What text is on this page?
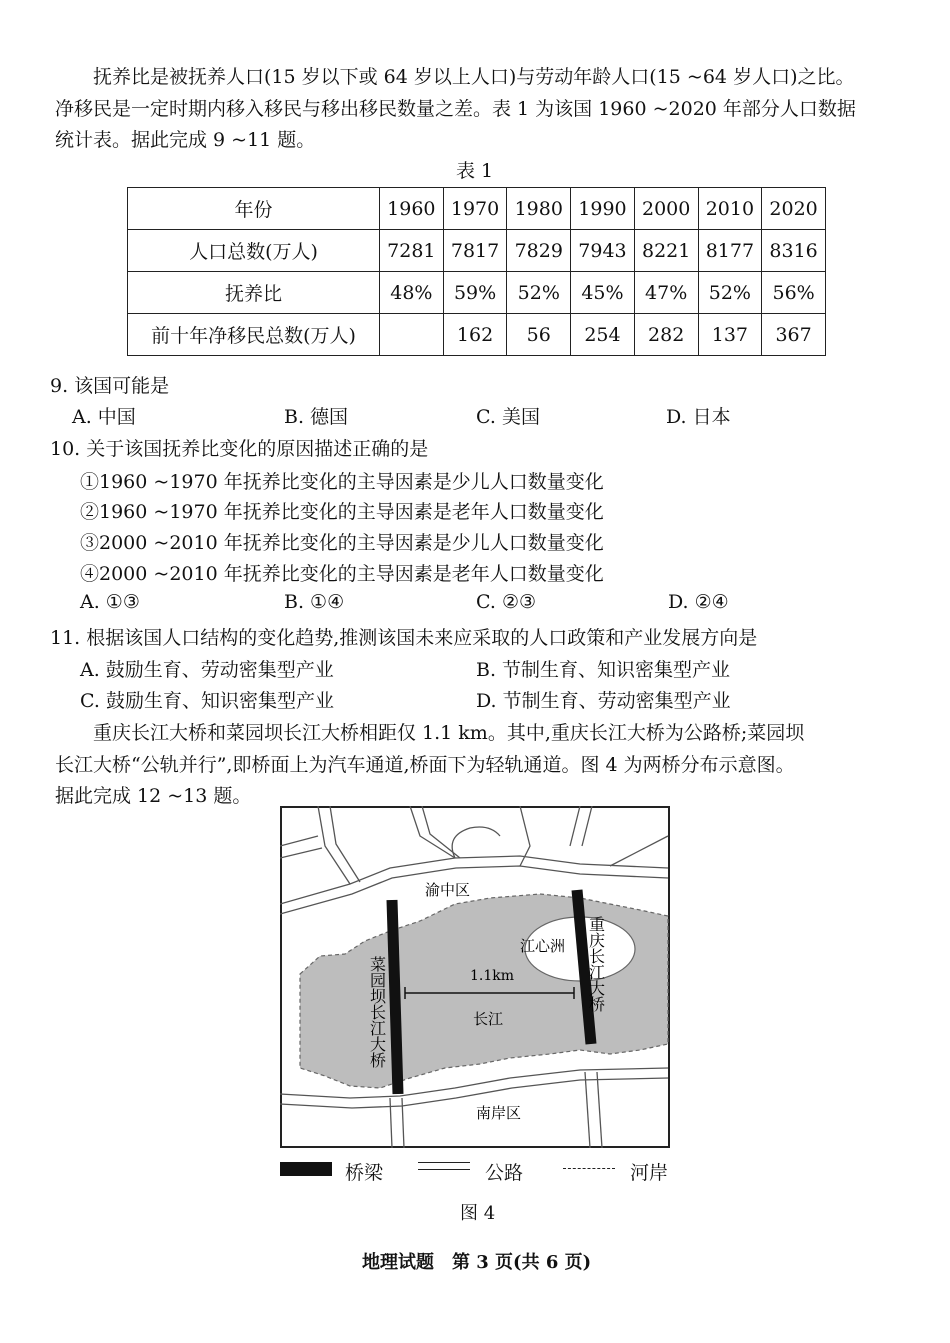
抚养比是被抚养人口(15 岁以下或 64 岁以上人口)与劳动年龄人口(15 ~64 岁人口)之比。
净移民是一定时期内移入移民与移出移民数量之差。表 1 为该国 1960 ~2020 年部分人口数据
统计表。据此完成 9 ~11 题。
表 1
年份	1960	1970	1980	1990	2000	2010	2020
人口总数(万人)	7281	7817	7829	7943	8221	8177	8316
抚养比	48%	59%	52%	45%	47%	52%	56%
前十年净移民总数(万人)		162	56	254	282	137	367
9. 该国可能是
A. 中国	B. 德国	C. 美国	D. 日本
10. 关于该国抚养比变化的原因描述正确的是
①1960 ~1970 年抚养比变化的主导因素是少儿人口数量变化
②1960 ~1970 年抚养比变化的主导因素是老年人口数量变化
③2000 ~2010 年抚养比变化的主导因素是少儿人口数量变化
④2000 ~2010 年抚养比变化的主导因素是老年人口数量变化
A. ①③	B. ①④	C. ②③	D. ②④
11. 根据该国人口结构的变化趋势,推测该国未来应采取的人口政策和产业发展方向是
A. 鼓励生育、劳动密集型产业	B. 节制生育、知识密集型产业
C. 鼓励生育、知识密集型产业	D. 节制生育、劳动密集型产业
重庆长江大桥和菜园坝长江大桥相距仅 1.1 km。其中,重庆长江大桥为公路桥;菜园坝
长江大桥“公轨并行”,即桥面上为汽车通道,桥面下为轻轨通道。图 4 为两桥分布示意图。
据此完成 12 ~13 题。
渝中区
江心洲
1.1km
长江
南岸区
菜园坝长江大桥	重庆长江大桥
桥梁	公路	河岸
图 4
地理试题　第 3 页(共 6 页)
